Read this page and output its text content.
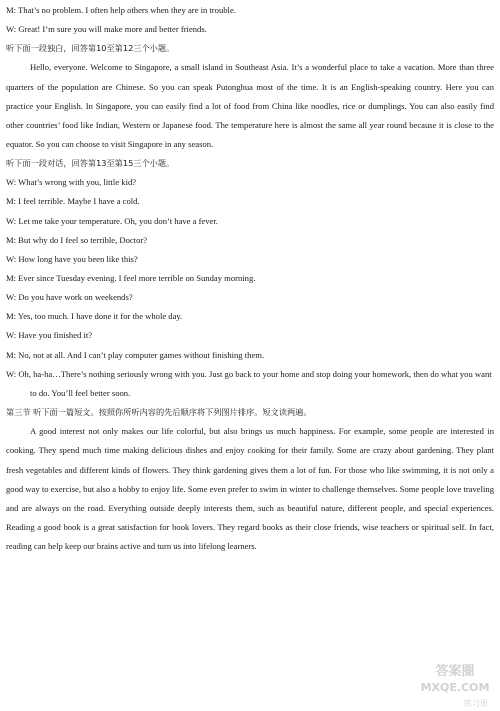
M: That’s no problem. I often help others when they are in trouble.

W: Great! I’m sure you will make more and better friends.

听下面一段独白，回答第10至第12三个小题。

Hello, everyone. Welcome to Singapore, a small island in Southeast Asia. It’s a wonderful place to take a vacation. More than three quarters of the population are Chinese. So you can speak Putonghua most of the time. It is an English-speaking country. Here you can practice your English. In Singapore, you can easily find a lot of food from China like noodles, rice or dumplings. You can also easily find other countries’ food like Indian, Western or Japanese food. The temperature here is almost the same all year round because it is close to the equator. So you can choose to visit Singapore in any season.

听下面一段对话，回答第13至第15三个小题。

W: What’s wrong with you, little kid?

M: I feel terrible. Maybe I have a cold.

W: Let me take your temperature. Oh, you don’t have a fever.

M: But why do I feel so terrible, Doctor?

W: How long have you been like this?

M: Ever since Tuesday evening. I feel more terrible on Sunday morning.

W: Do you have work on weekends?

M: Yes, too much. I have done it for the whole day.

W: Have you finished it?

M: No, not at all. And I can’t play computer games without finishing them.

W: Oh, ha-ha…There’s nothing seriously wrong with you. Just go back to your home and stop doing your homework, then do what you want to do. You’ll feel better soon.

第三节 听下面一篇短文。按照你所听内容的先后顺序将下列图片排序。短文读两遍。

A good interest not only makes our life colorful, but also brings us much happiness. For example, some people are interested in cooking. They spend much time making delicious dishes and enjoy cooking for their family. Some are crazy about gardening. They plant fresh vegetables and different kinds of flowers. They think gardening gives them a lot of fun. For those who like swimming, it is not only a good way to exercise, but also a hobby to enjoy life. Some even prefer to swim in winter to challenge themselves. Some people love traveling and are always on the road. Everything outside deeply interests them, such as beautiful nature, different people, and special experiences. Reading a good book is a great satisfaction for book lovers. They regard books as their close friends, wise teachers or spiritual self. In fact, reading can help keep our brains active and turn us into lifelong learners.

答案圈
MXQE.COM
练习册
